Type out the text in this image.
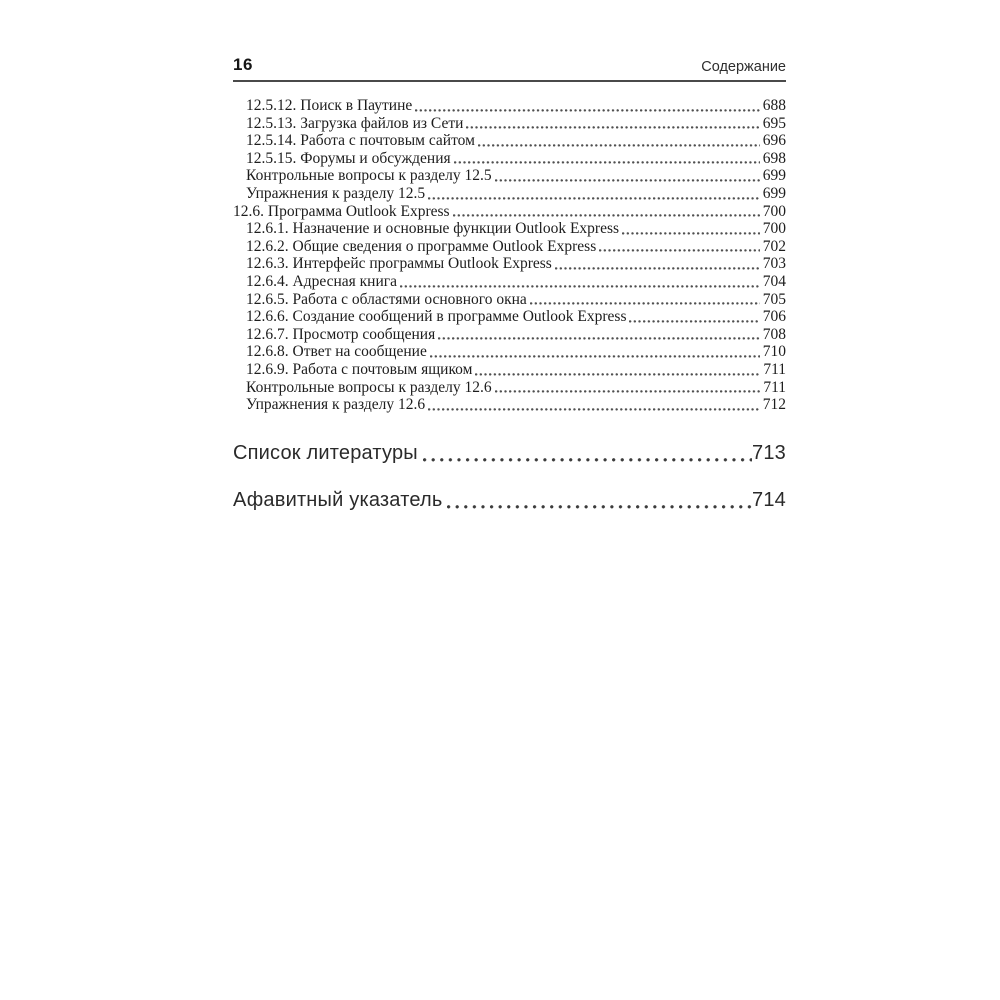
16	Содержание
12.5.12. Поиск в Паутине	688
12.5.13. Загрузка файлов из Сети	695
12.5.14. Работа с почтовым сайтом	696
12.5.15. Форумы и обсуждения	698
Контрольные вопросы к разделу 12.5	699
Упражнения к разделу 12.5	699
12.6. Программа Outlook Express	700
12.6.1. Назначение и основные функции Outlook Express	700
12.6.2. Общие сведения о программе Outlook Express	702
12.6.3. Интерфейс программы Outlook Express	703
12.6.4. Адресная книга	704
12.6.5. Работа с областями основного окна	705
12.6.6. Создание сообщений в программе Outlook Express	706
12.6.7. Просмотр сообщения	708
12.6.8. Ответ на сообщение	710
12.6.9. Работа с почтовым ящиком	711
Контрольные вопросы к разделу 12.6	711
Упражнения к разделу 12.6	712
Список литературы	713
Афавитный указатель	714
